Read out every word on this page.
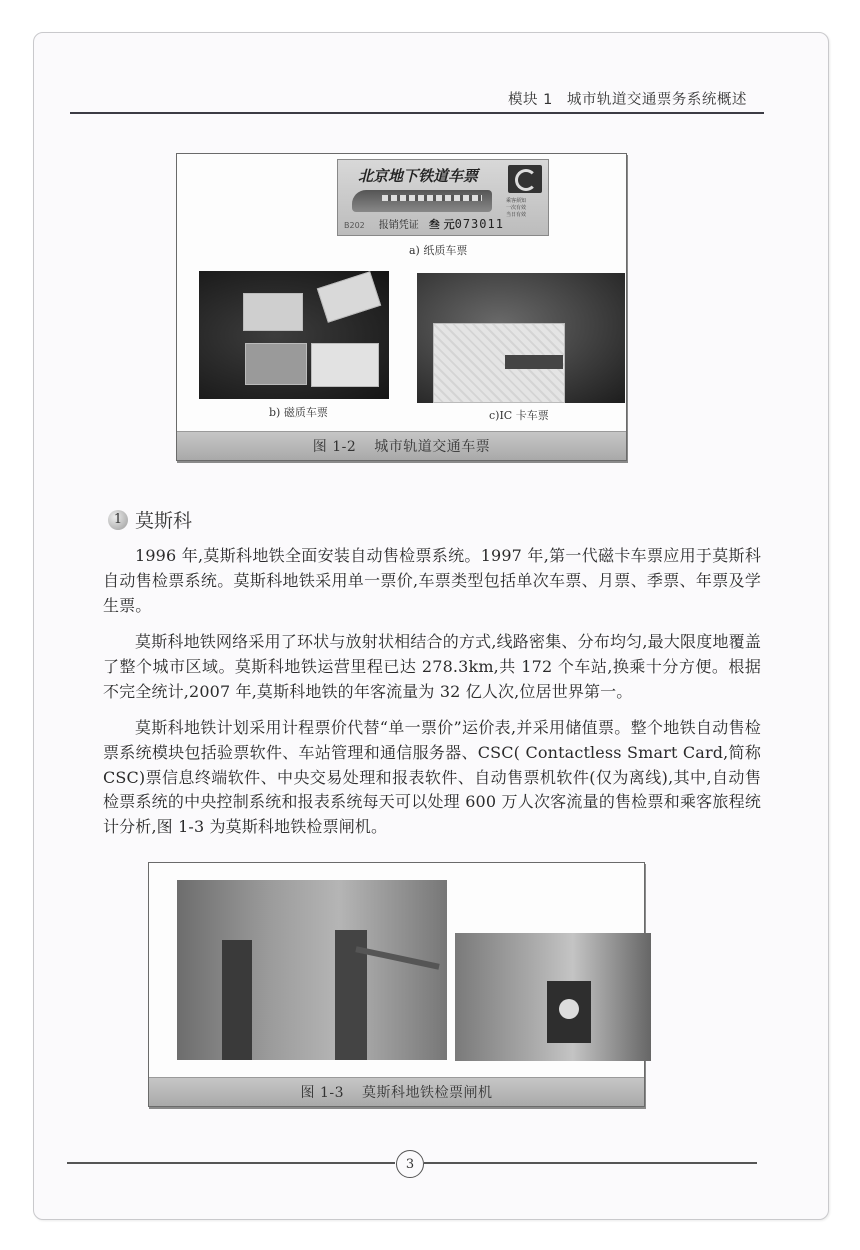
模块 1 城市轨道交通票务系统概述
北京地下铁道车票
乘客须知
一次有效
当日有效
B202 报销凭证 叁 元073011
a) 纸质车票
b) 磁质车票	c)IC 卡车票
图 1-2 城市轨道交通车票
1 莫斯科

1996 年,莫斯科地铁全面安装自动售检票系统。1997 年,第一代磁卡车票应用于莫斯科自动售检票系统。莫斯科地铁采用单一票价,车票类型包括单次车票、月票、季票、年票及学生票。

莫斯科地铁网络采用了环状与放射状相结合的方式,线路密集、分布均匀,最大限度地覆盖了整个城市区域。莫斯科地铁运营里程已达 278.3km,共 172 个车站,换乘十分方便。根据不完全统计,2007 年,莫斯科地铁的年客流量为 32 亿人次,位居世界第一。

莫斯科地铁计划采用计程票价代替“单一票价”运价表,并采用储值票。整个地铁自动售检票系统模块包括验票软件、车站管理和通信服务器、CSC( Contactless Smart Card,简称CSC)票信息终端软件、中央交易处理和报表软件、自动售票机软件(仅为离线),其中,自动售检票系统的中央控制系统和报表系统每天可以处理 600 万人次客流量的售检票和乘客旅程统计分析,图 1-3 为莫斯科地铁检票闸机。

图 1-3 莫斯科地铁检票闸机
3
